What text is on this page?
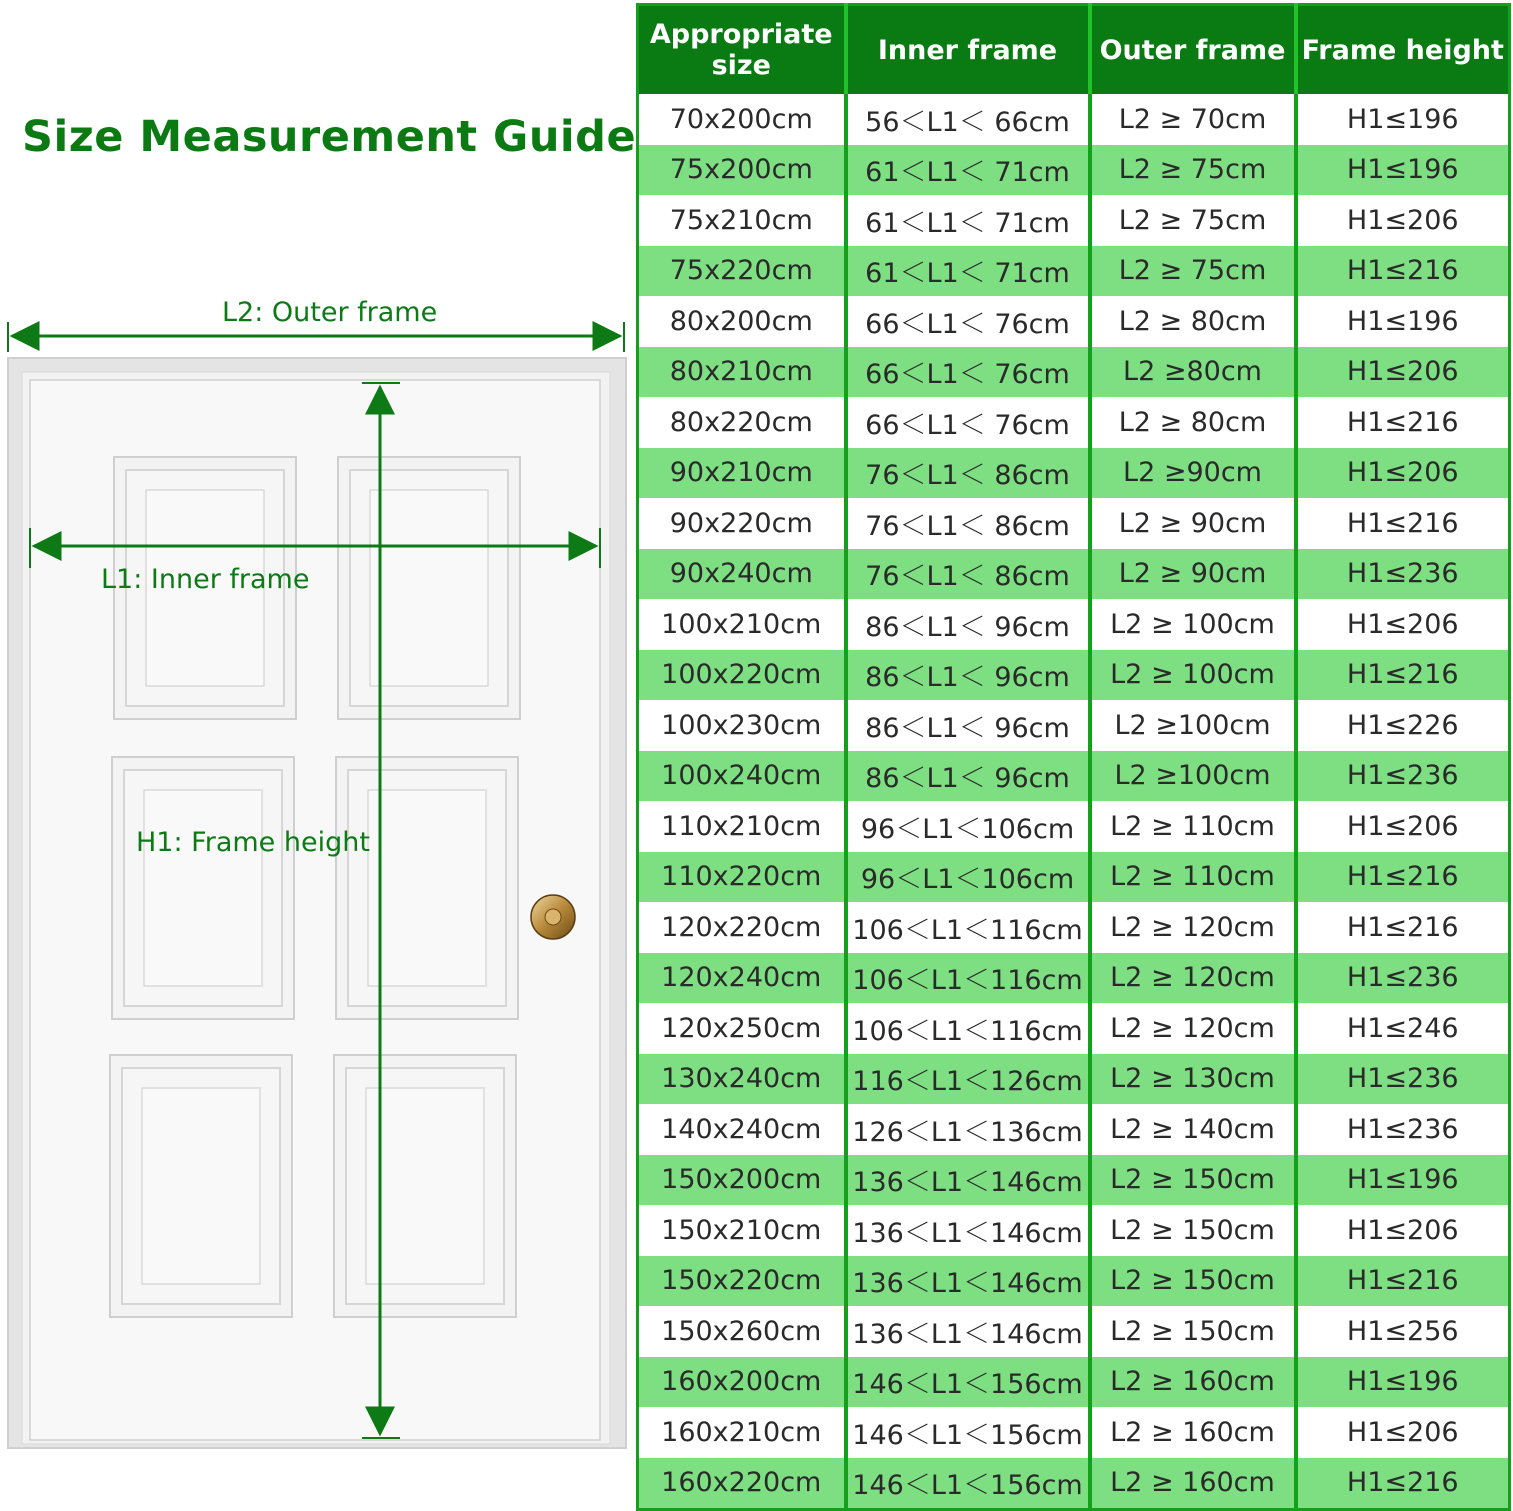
Size Measurement Guide
L2: Outer frame
L1: Inner frame
H1: Frame height
Appropriate size	Inner frame	Outer frame	Frame height
70x200cm	56＜L1＜ 66cm	L2 ≥ 70cm	H1≤196
75x200cm	61＜L1＜ 71cm	L2 ≥ 75cm	H1≤196
75x210cm	61＜L1＜ 71cm	L2 ≥ 75cm	H1≤206
75x220cm	61＜L1＜ 71cm	L2 ≥ 75cm	H1≤216
80x200cm	66＜L1＜ 76cm	L2 ≥ 80cm	H1≤196
80x210cm	66＜L1＜ 76cm	L2 ≥80cm	H1≤206
80x220cm	66＜L1＜ 76cm	L2 ≥ 80cm	H1≤216
90x210cm	76＜L1＜ 86cm	L2 ≥90cm	H1≤206
90x220cm	76＜L1＜ 86cm	L2 ≥ 90cm	H1≤216
90x240cm	76＜L1＜ 86cm	L2 ≥ 90cm	H1≤236
100x210cm	86＜L1＜ 96cm	L2 ≥ 100cm	H1≤206
100x220cm	86＜L1＜ 96cm	L2 ≥ 100cm	H1≤216
100x230cm	86＜L1＜ 96cm	L2 ≥100cm	H1≤226
100x240cm	86＜L1＜ 96cm	L2 ≥100cm	H1≤236
110x210cm	96＜L1＜106cm	L2 ≥ 110cm	H1≤206
110x220cm	96＜L1＜106cm	L2 ≥ 110cm	H1≤216
120x220cm	106＜L1＜116cm	L2 ≥ 120cm	H1≤216
120x240cm	106＜L1＜116cm	L2 ≥ 120cm	H1≤236
120x250cm	106＜L1＜116cm	L2 ≥ 120cm	H1≤246
130x240cm	116＜L1＜126cm	L2 ≥ 130cm	H1≤236
140x240cm	126＜L1＜136cm	L2 ≥ 140cm	H1≤236
150x200cm	136＜L1＜146cm	L2 ≥ 150cm	H1≤196
150x210cm	136＜L1＜146cm	L2 ≥ 150cm	H1≤206
150x220cm	136＜L1＜146cm	L2 ≥ 150cm	H1≤216
150x260cm	136＜L1＜146cm	L2 ≥ 150cm	H1≤256
160x200cm	146＜L1＜156cm	L2 ≥ 160cm	H1≤196
160x210cm	146＜L1＜156cm	L2 ≥ 160cm	H1≤206
160x220cm	146＜L1＜156cm	L2 ≥ 160cm	H1≤216
